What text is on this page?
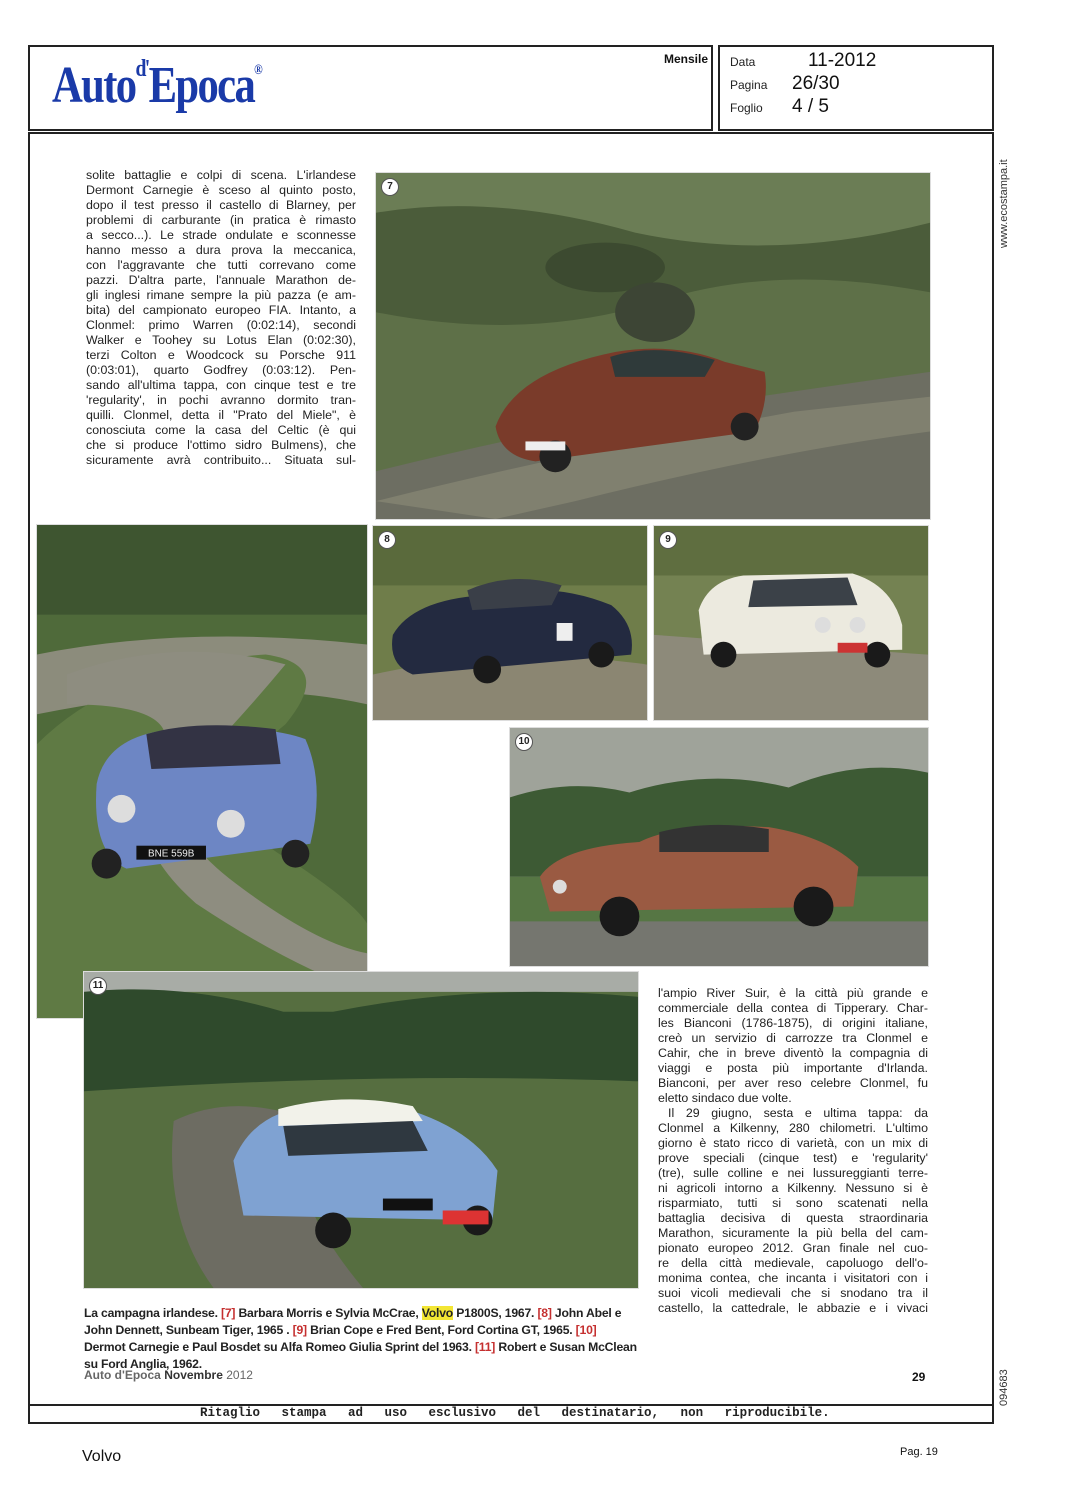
Auto$^{d'}$Epoca®
Mensile Data	11-2012
Pagina 26/30
Foglio 4 / 5
www.ecostampa.it
094683
solite battaglie e colpi di scena. L'irlandese
Dermont Carnegie è sceso al quinto posto,
dopo il test presso il castello di Blarney, per
problemi di carburante (in pratica è rimasto
a secco...). Le strade ondulate e sconnesse
hanno messo a dura prova la meccanica,
con l'aggravante che tutti correvano come
pazzi. D'altra parte, l'annuale Marathon de-
gli inglesi rimane sempre la più pazza (e am-
bita) del campionato europeo FIA. Intanto, a
Clonmel: primo Warren (0:02:14), secondi
Walker e Toohey su Lotus Elan (0:02:30),
terzi Colton e Woodcock su Porsche 911
(0:03:01), quarto Godfrey (0:03:12). Pen-
sando all'ultima tappa, con cinque test e tre
'regularity', in pochi avranno dormito tran-
quilli. Clonmel, detta il "Prato del Miele", è
conosciuta come la casa del Celtic (è qui
che si produce l'ottimo sidro Bulmens), che
sicuramente avrà contribuito... Situata sul-
7
BNE 559B
8	9
10
11
l'ampio River Suir, è la città più grande e
commerciale della contea di Tipperary. Char-
les Bianconi (1786-1875), di origini italiane,
creò un servizio di carrozze tra Clonmel e
Cahir, che in breve diventò la compagnia di
viaggi e posta più importante d'Irlanda.
Bianconi, per aver reso celebre Clonmel, fu
eletto sindaco due volte.
Il 29 giugno, sesta e ultima tappa: da
Clonmel a Kilkenny, 280 chilometri. L'ultimo
giorno è stato ricco di varietà, con un mix di
prove speciali (cinque test) e 'regularity'
(tre), sulle colline e nei lussureggianti terre-
ni agricoli intorno a Kilkenny. Nessuno si è
risparmiato, tutti si sono scatenati nella
battaglia decisiva di questa straordinaria
Marathon, sicuramente la più bella del cam-
pionato europeo 2012. Gran finale nel cuo-
re della città medievale, capoluogo dell'o-
monima contea, che incanta i visitatori con i
suoi vicoli medievali che si snodano tra il
castello, la cattedrale, le abbazie e i vivaci
La campagna irlandese. [7] Barbara Morris e Sylvia McCrae, Volvo P1800S, 1967. [8] John Abel e John Dennett, Sunbeam Tiger, 1965 . [9] Brian Cope e Fred Bent, Ford Cortina GT, 1965. [10] Dermot Carnegie e Paul Bosdet su Alfa Romeo Giulia Sprint del 1963. [11] Robert e Susan McClean su Ford Anglia, 1962.
Auto d'Epoca Novembre 2012	29
Ritaglio stampa ad uso esclusivo del destinatario, non riproducibile.
Volvo	Pag. 19
